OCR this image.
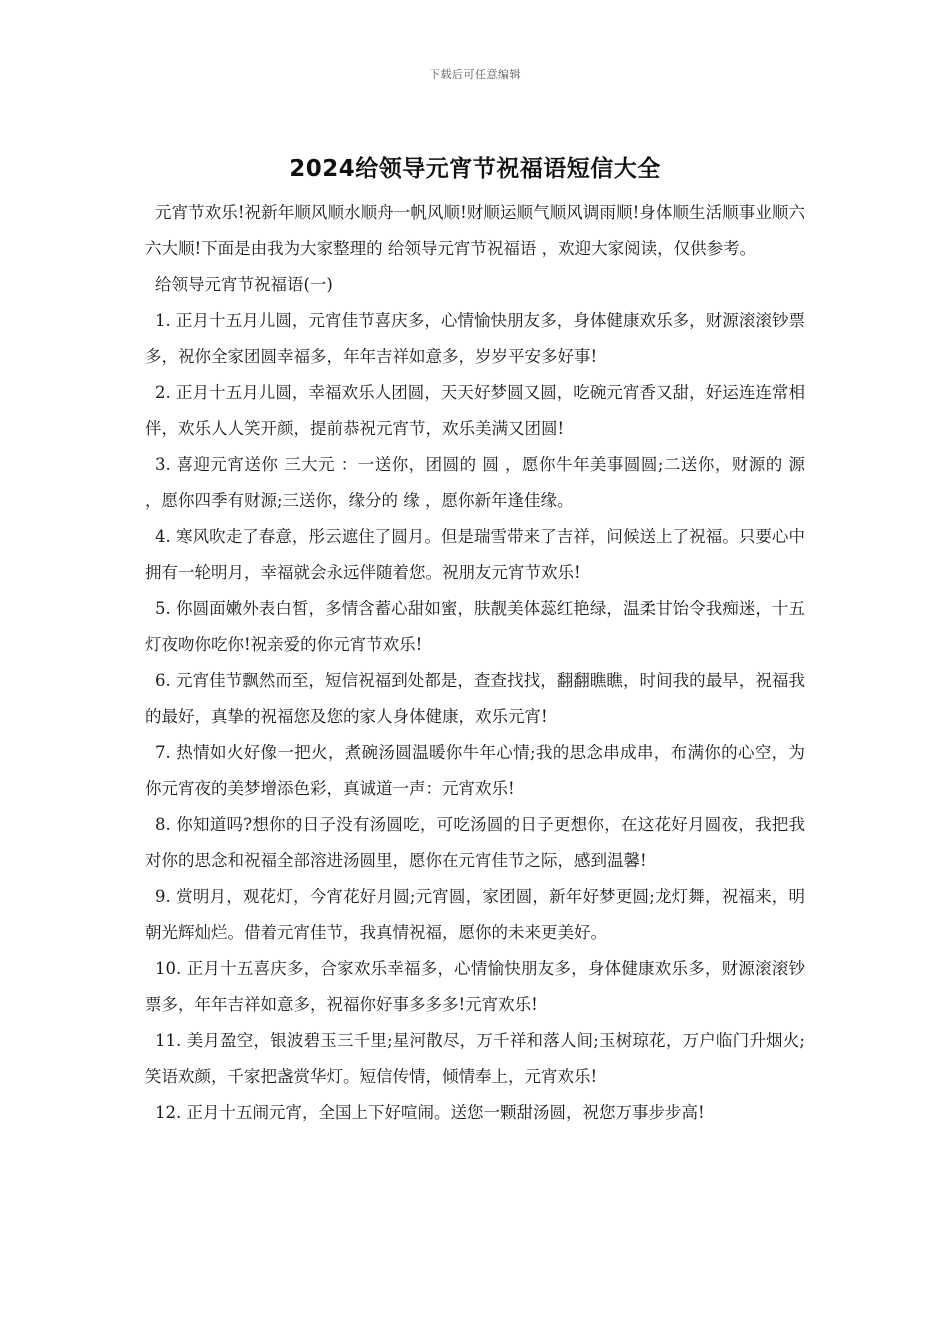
下载后可任意编辑
2024给领导元宵节祝福语短信大全

元宵节欢乐!祝新年顺风顺水顺舟一帆风顺!财顺运顺气顺风调雨顺!身体顺生活顺事业顺六六大顺!下面是由我为大家整理的 给领导元宵节祝福语 ，欢迎大家阅读，仅供参考。

给领导元宵节祝福语(一)

1. 正月十五月儿圆，元宵佳节喜庆多，心情愉快朋友多，身体健康欢乐多，财源滚滚钞票多，祝你全家团圆幸福多，年年吉祥如意多，岁岁平安多好事!

2. 正月十五月儿圆，幸福欢乐人团圆，天天好梦圆又圆，吃碗元宵香又甜，好运连连常相伴，欢乐人人笑开颜，提前恭祝元宵节，欢乐美满又团圆!

3. 喜迎元宵送你 三大元 ：一送你，团圆的 圆 ，愿你牛年美事圆圆;二送你，财源的 源 ，愿你四季有财源;三送你，缘分的 缘 ，愿你新年逢佳缘。

4. 寒风吹走了春意，彤云遮住了圆月。但是瑞雪带来了吉祥，问候送上了祝福。只要心中拥有一轮明月，幸福就会永远伴随着您。祝朋友元宵节欢乐!

5. 你圆面嫩外表白皙，多情含蓄心甜如蜜，肤靓美体蕊红艳绿，温柔甘饴令我痴迷，十五灯夜吻你吃你!祝亲爱的你元宵节欢乐!

6. 元宵佳节飘然而至，短信祝福到处都是，查查找找，翻翻瞧瞧，时间我的最早，祝福我的最好，真挚的祝福您及您的家人身体健康，欢乐元宵!

7. 热情如火好像一把火，煮碗汤圆温暖你牛年心情;我的思念串成串，布满你的心空，为你元宵夜的美梦增添色彩，真诚道一声：元宵欢乐!

8. 你知道吗?想你的日子没有汤圆吃，可吃汤圆的日子更想你，在这花好月圆夜，我把我对你的思念和祝福全部溶进汤圆里，愿你在元宵佳节之际，感到温馨!

9. 赏明月，观花灯，今宵花好月圆;元宵圆，家团圆，新年好梦更圆;龙灯舞，祝福来，明朝光辉灿烂。借着元宵佳节，我真情祝福，愿你的未来更美好。

10. 正月十五喜庆多，合家欢乐幸福多，心情愉快朋友多，身体健康欢乐多，财源滚滚钞票多，年年吉祥如意多，祝福你好事多多多!元宵欢乐!

11. 美月盈空，银波碧玉三千里;星河散尽，万千祥和落人间;玉树琼花，万户临门升烟火;笑语欢颜，千家把盏赏华灯。短信传情，倾情奉上，元宵欢乐!

12. 正月十五闹元宵，全国上下好喧闹。送您一颗甜汤圆，祝您万事步步高!
